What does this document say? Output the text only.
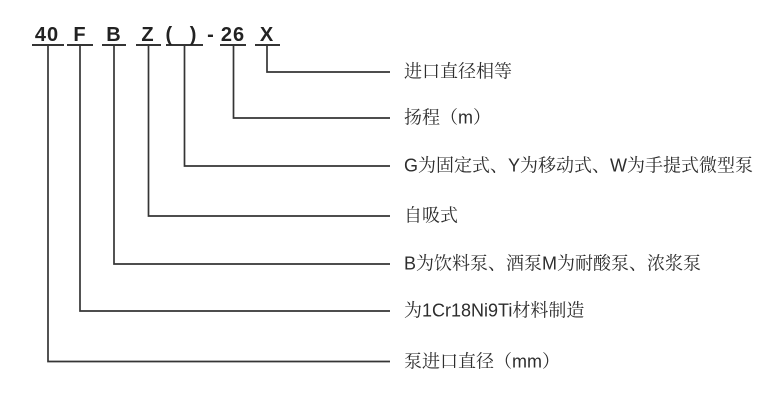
40 F B Z ( ) - 26 X
进口直径相等
扬程（m）
G为固定式、Y为移动式、W为手提式微型泵
自吸式
B为饮料泵、酒泵M为耐酸泵、浓浆泵
为1Cr18Ni9Ti材料制造
泵进口直径（mm）
